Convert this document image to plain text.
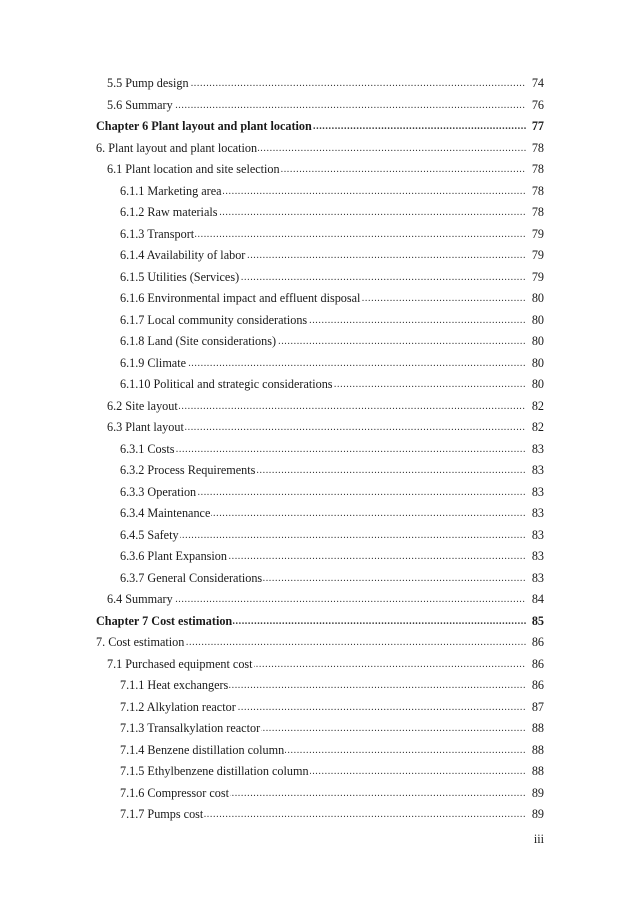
.....
5.5 Pump design	74
.....
5.6 Summary	76
.....
Chapter 6 Plant layout and plant location	77
.....
6. Plant layout and plant location	78
.....
6.1 Plant location and site selection	78
.....
6.1.1 Marketing area	78
.....
6.1.2 Raw materials	78
.....
6.1.3 Transport	79
.....
6.1.4 Availability of labor	79
.....
6.1.5 Utilities (Services)	79
.....
6.1.6 Environmental impact and effluent disposal	80
.....
6.1.7 Local community considerations	80
.....
6.1.8 Land (Site considerations)	80
.....
6.1.9 Climate	80
.....
6.1.10 Political and strategic considerations	80
.....
6.2 Site layout	82
.....
6.3 Plant layout	82
.....
6.3.1 Costs	83
.....
6.3.2 Process Requirements	83
.....
6.3.3 Operation	83
.....
6.3.4 Maintenance	83
.....
6.4.5 Safety	83
.....
6.3.6 Plant Expansion	83
.....
6.3.7 General Considerations	83
.....
6.4 Summary	84
.....
Chapter 7 Cost estimation	85
.....
7. Cost estimation	86
.....
7.1 Purchased equipment cost	86
.....
7.1.1 Heat exchangers	86
.....
7.1.2 Alkylation reactor	87
.....
7.1.3 Transalkylation reactor	88
.....
7.1.4 Benzene distillation column	88
.....
7.1.5 Ethylbenzene distillation column	88
.....
7.1.6 Compressor cost	89
.....
7.1.7 Pumps cost	89
iii
